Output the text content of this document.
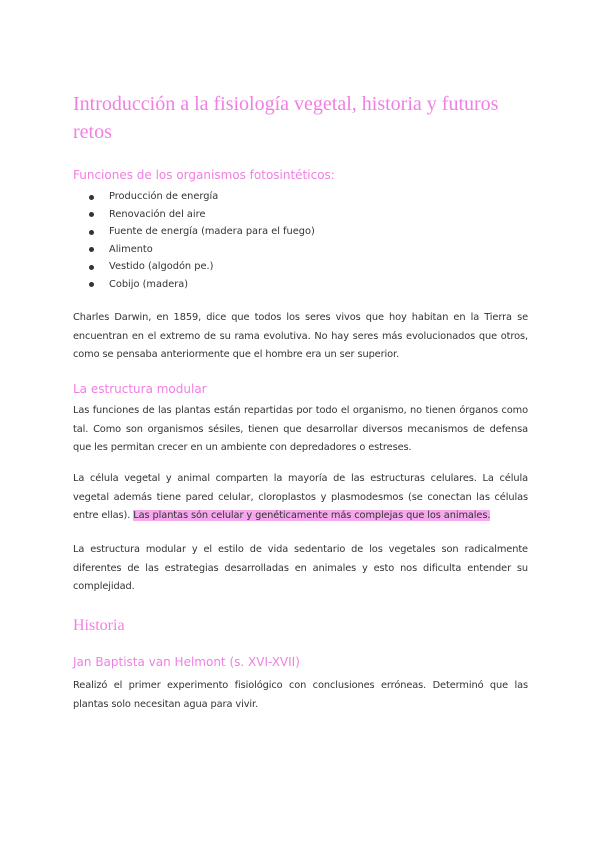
Introducción a la fisiología vegetal, historia y futuros retos
Funciones de los organismos fotosintéticos:
Producción de energía
Renovación del aire
Fuente de energía (madera para el fuego)
Alimento
Vestido (algodón pe.)
Cobijo (madera)

Charles Darwin, en 1859, dice que todos los seres vivos que hoy habitan en la Tierra se encuentran en el extremo de su rama evolutiva. No hay seres más evolucionados que otros, como se pensaba anteriormente que el hombre era un ser superior.

La estructura modular

Las funciones de las plantas están repartidas por todo el organismo, no tienen órganos como tal. Como son organismos sésiles, tienen que desarrollar diversos mecanismos de defensa que les permitan crecer en un ambiente con depredadores o estreses.

La célula vegetal y animal comparten la mayoría de las estructuras celulares. La célula vegetal además tiene pared celular, cloroplastos y plasmodesmos (se conectan las células entre ellas). Las plantas són celular y genéticamente más complejas que los animales.

La estructura modular y el estilo de vida sedentario de los vegetales son radicalmente diferentes de las estrategias desarrolladas en animales y esto nos dificulta entender su complejidad.

Historia
Jan Baptista van Helmont (s. XVI-XVII)

Realizó el primer experimento fisiológico con conclusiones erróneas. Determinó que las plantas solo necesitan agua para vivir.
